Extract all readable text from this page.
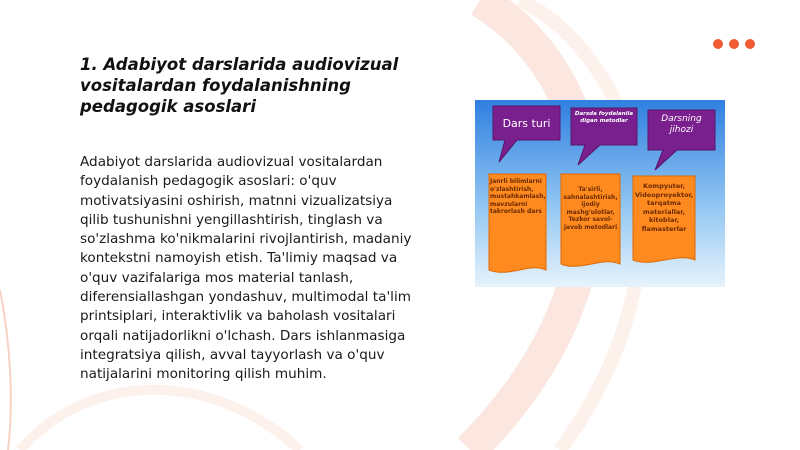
1. Adabiyot darslarida audiovizual vositalardan foydalanishning pedagogik asoslari

Adabiyot darslarida audiovizual vositalardan foydalanish pedagogik asoslari: o'quv motivatsiyasini oshirish, matnni vizualizatsiya qilib tushunishni yengillashtirish, tinglash va so'zlashma ko'nikmalarini rivojlantirish, madaniy kontekstni namoyish etish. Ta'limiy maqsad va o'quv vazifalariga mos material tanlash, diferensiallashgan yondashuv, multimodal ta'lim printsiplari, interaktivlik va baholash vositalari orqali natijadorlikni o'lchash. Dars ishlanmasiga integratsiya qilish, avval tayyorlash va o'quv natijalarini monitoring qilish muhim.

Dars turi
Darsda foydalanila digan metodlar	Darsning jihozi
Janrli bilimlarni o'zlashtirish, mustahkamlash, mavzularni takrorlash dars
Ta'sirli, sahnalashtirish, ijodiy mashg'ulotlar, Tezkor savol-javob metodlari
Kompyuter, Videoproyektor, tarqatma materiallar, kitoblar, flamasterlar
